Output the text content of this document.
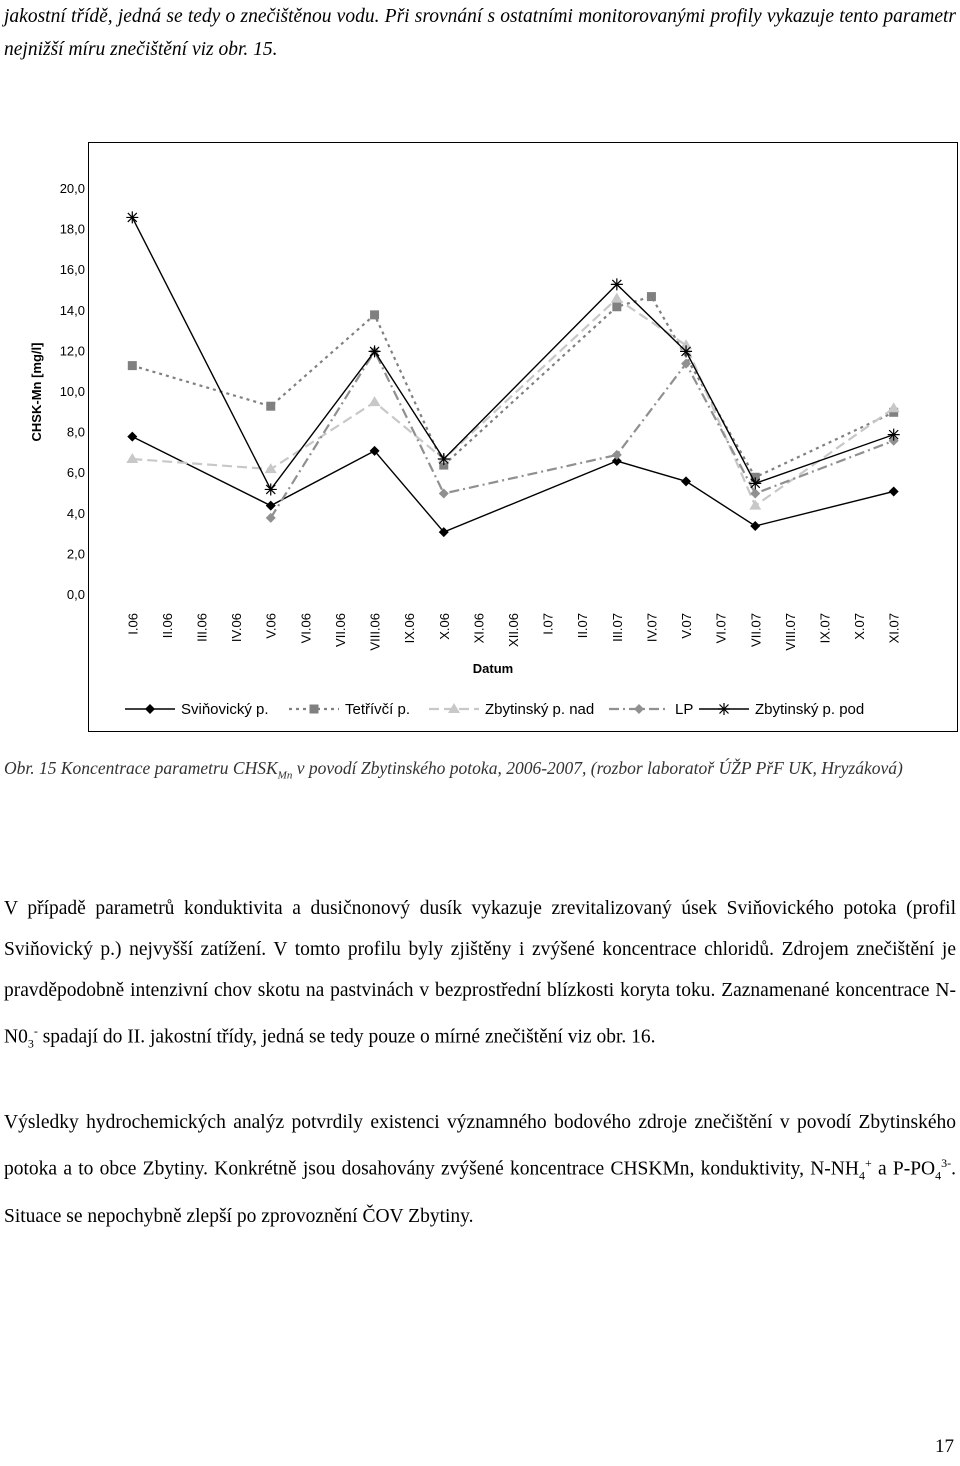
jakostní třídě, jedná se tedy o znečištěnou vodu. Při srovnání s ostatními monitorovanými profily vykazuje tento parametr nejnižší míru znečištění viz obr. 15.

CHSK-Mn [mg/l]
0,0
2,0
4,0
6,0
8,0
10,0
12,0
14,0
16,0
18,0
20,0
I.06 II.06 III.06 IV.06 V.06 VI.06 VII.06 VIII.06 IX.06 X.06 XI.06 XII.06 I.07 II.07 III.07 IV.07 V.07 VI.07 VII.07 VIII.07 IX.07 X.07 XI.07
Datum
Sviňovický p.	Tetřívčí p.	Zbytinský p. nad	LP	Zbytinský p. pod

Obr. 15 Koncentrace parametru $CHSK_{Mn}$ v povodí Zbytinského potoka, 2006-2007, (rozbor laboratoř ÚŽP PřF UK, Hryzáková)

V případě parametrů konduktivita a dusičnonový dusík vykazuje zrevitalizovaný úsek Sviňovického potoka (profil Sviňovický p.) nejvyšší zatížení. V tomto profilu byly zjištěny i zvýšené koncentrace chloridů. Zdrojem znečištění je pravděpodobně intenzivní chov skotu na pastvinách v bezprostřední blízkosti koryta toku. Zaznamenané koncentrace $N-N0_3^-$ spadají do II. jakostní třídy, jedná se tedy pouze o mírné znečištění viz obr. 16.

Výsledky hydrochemických analýz potvrdily existenci významného bodového zdroje znečištění v povodí Zbytinského potoka a to obce Zbytiny. Konkrétně jsou dosahovány zvýšené koncentrace CHSKMn, konduktivity, $N-NH_4^+$ a $P-PO_4^{3-}$. Situace se nepochybně zlepší po zprovoznění ČOV Zbytiny.

17
